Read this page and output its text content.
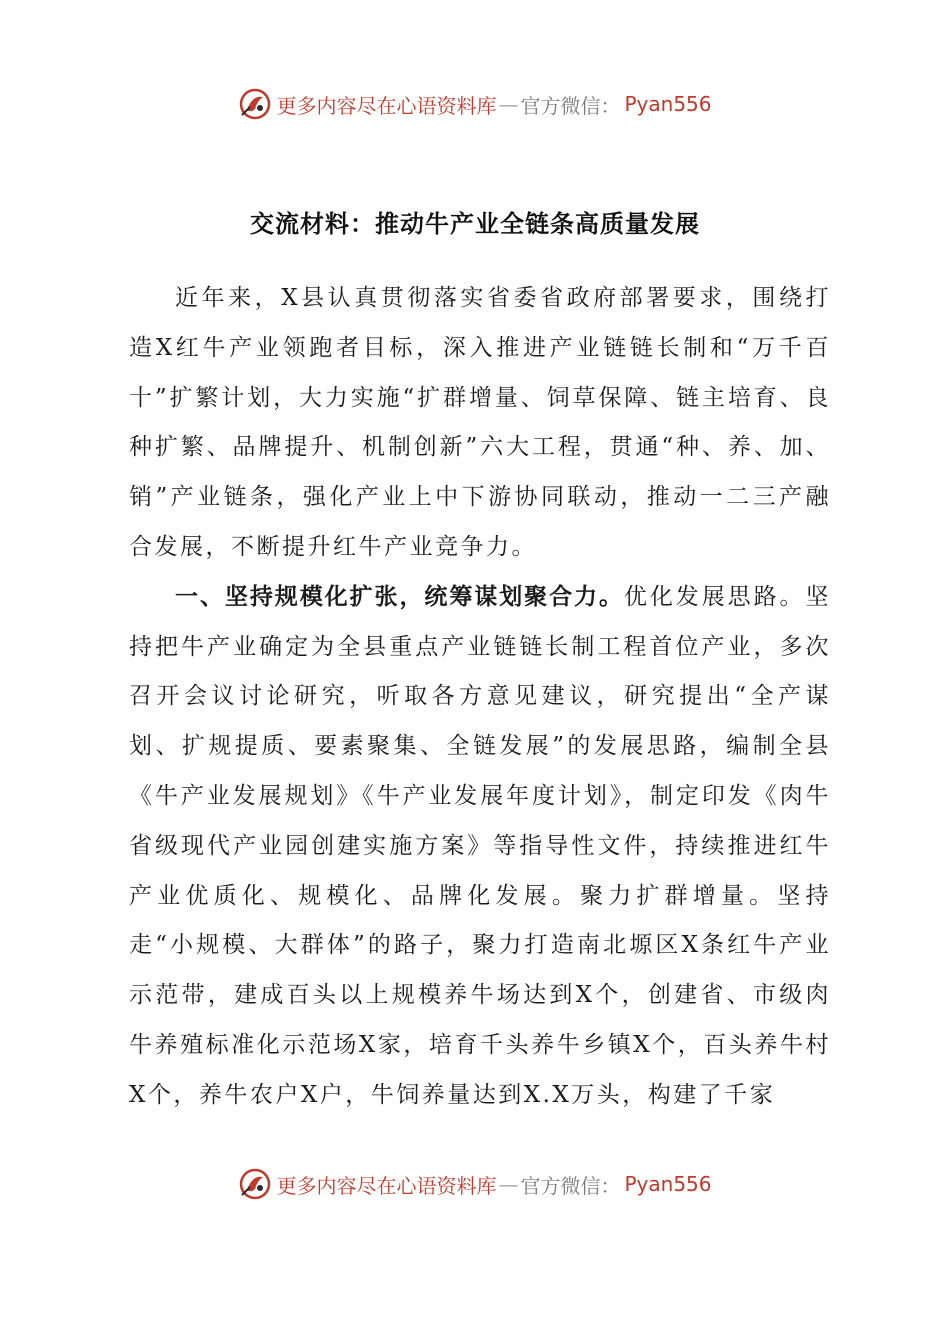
更多内容尽在心语资料库 — 官方微信： Pyan556
交流材料：推动牛产业全链条高质量发展

近年来，X县认真贯彻落实省委省政府部署要求，围绕打造X红牛产业领跑者目标，深入推进产业链链长制和“万千百十”扩繁计划，大力实施“扩群增量、饲草保障、链主培育、良种扩繁、品牌提升、机制创新”六大工程，贯通“种、养、加、销”产业链条，强化产业上中下游协同联动，推动一二三产融合发展，不断提升红牛产业竞争力。

一、坚持规模化扩张，统筹谋划聚合力。优化发展思路。坚持把牛产业确定为全县重点产业链链长制工程首位产业，多次召开会议讨论研究，听取各方意见建议，研究提出“全产谋划、扩规提质、要素聚集、全链发展”的发展思路，编制全县《牛产业发展规划》《牛产业发展年度计划》，制定印发《肉牛省级现代产业园创建实施方案》等指导性文件，持续推进红牛产业优质化、规模化、品牌化发展。聚力扩群增量。坚持走“小规模、大群体”的路子，聚力打造南北塬区X条红牛产业示范带，建成百头以上规模养牛场达到X个，创建省、市级肉牛养殖标准化示范场X家，培育千头养牛乡镇X个，百头养牛村X个，养牛农户X户，牛饲养量达到X.X万头，构建了千家

更多内容尽在心语资料库 — 官方微信： Pyan556
